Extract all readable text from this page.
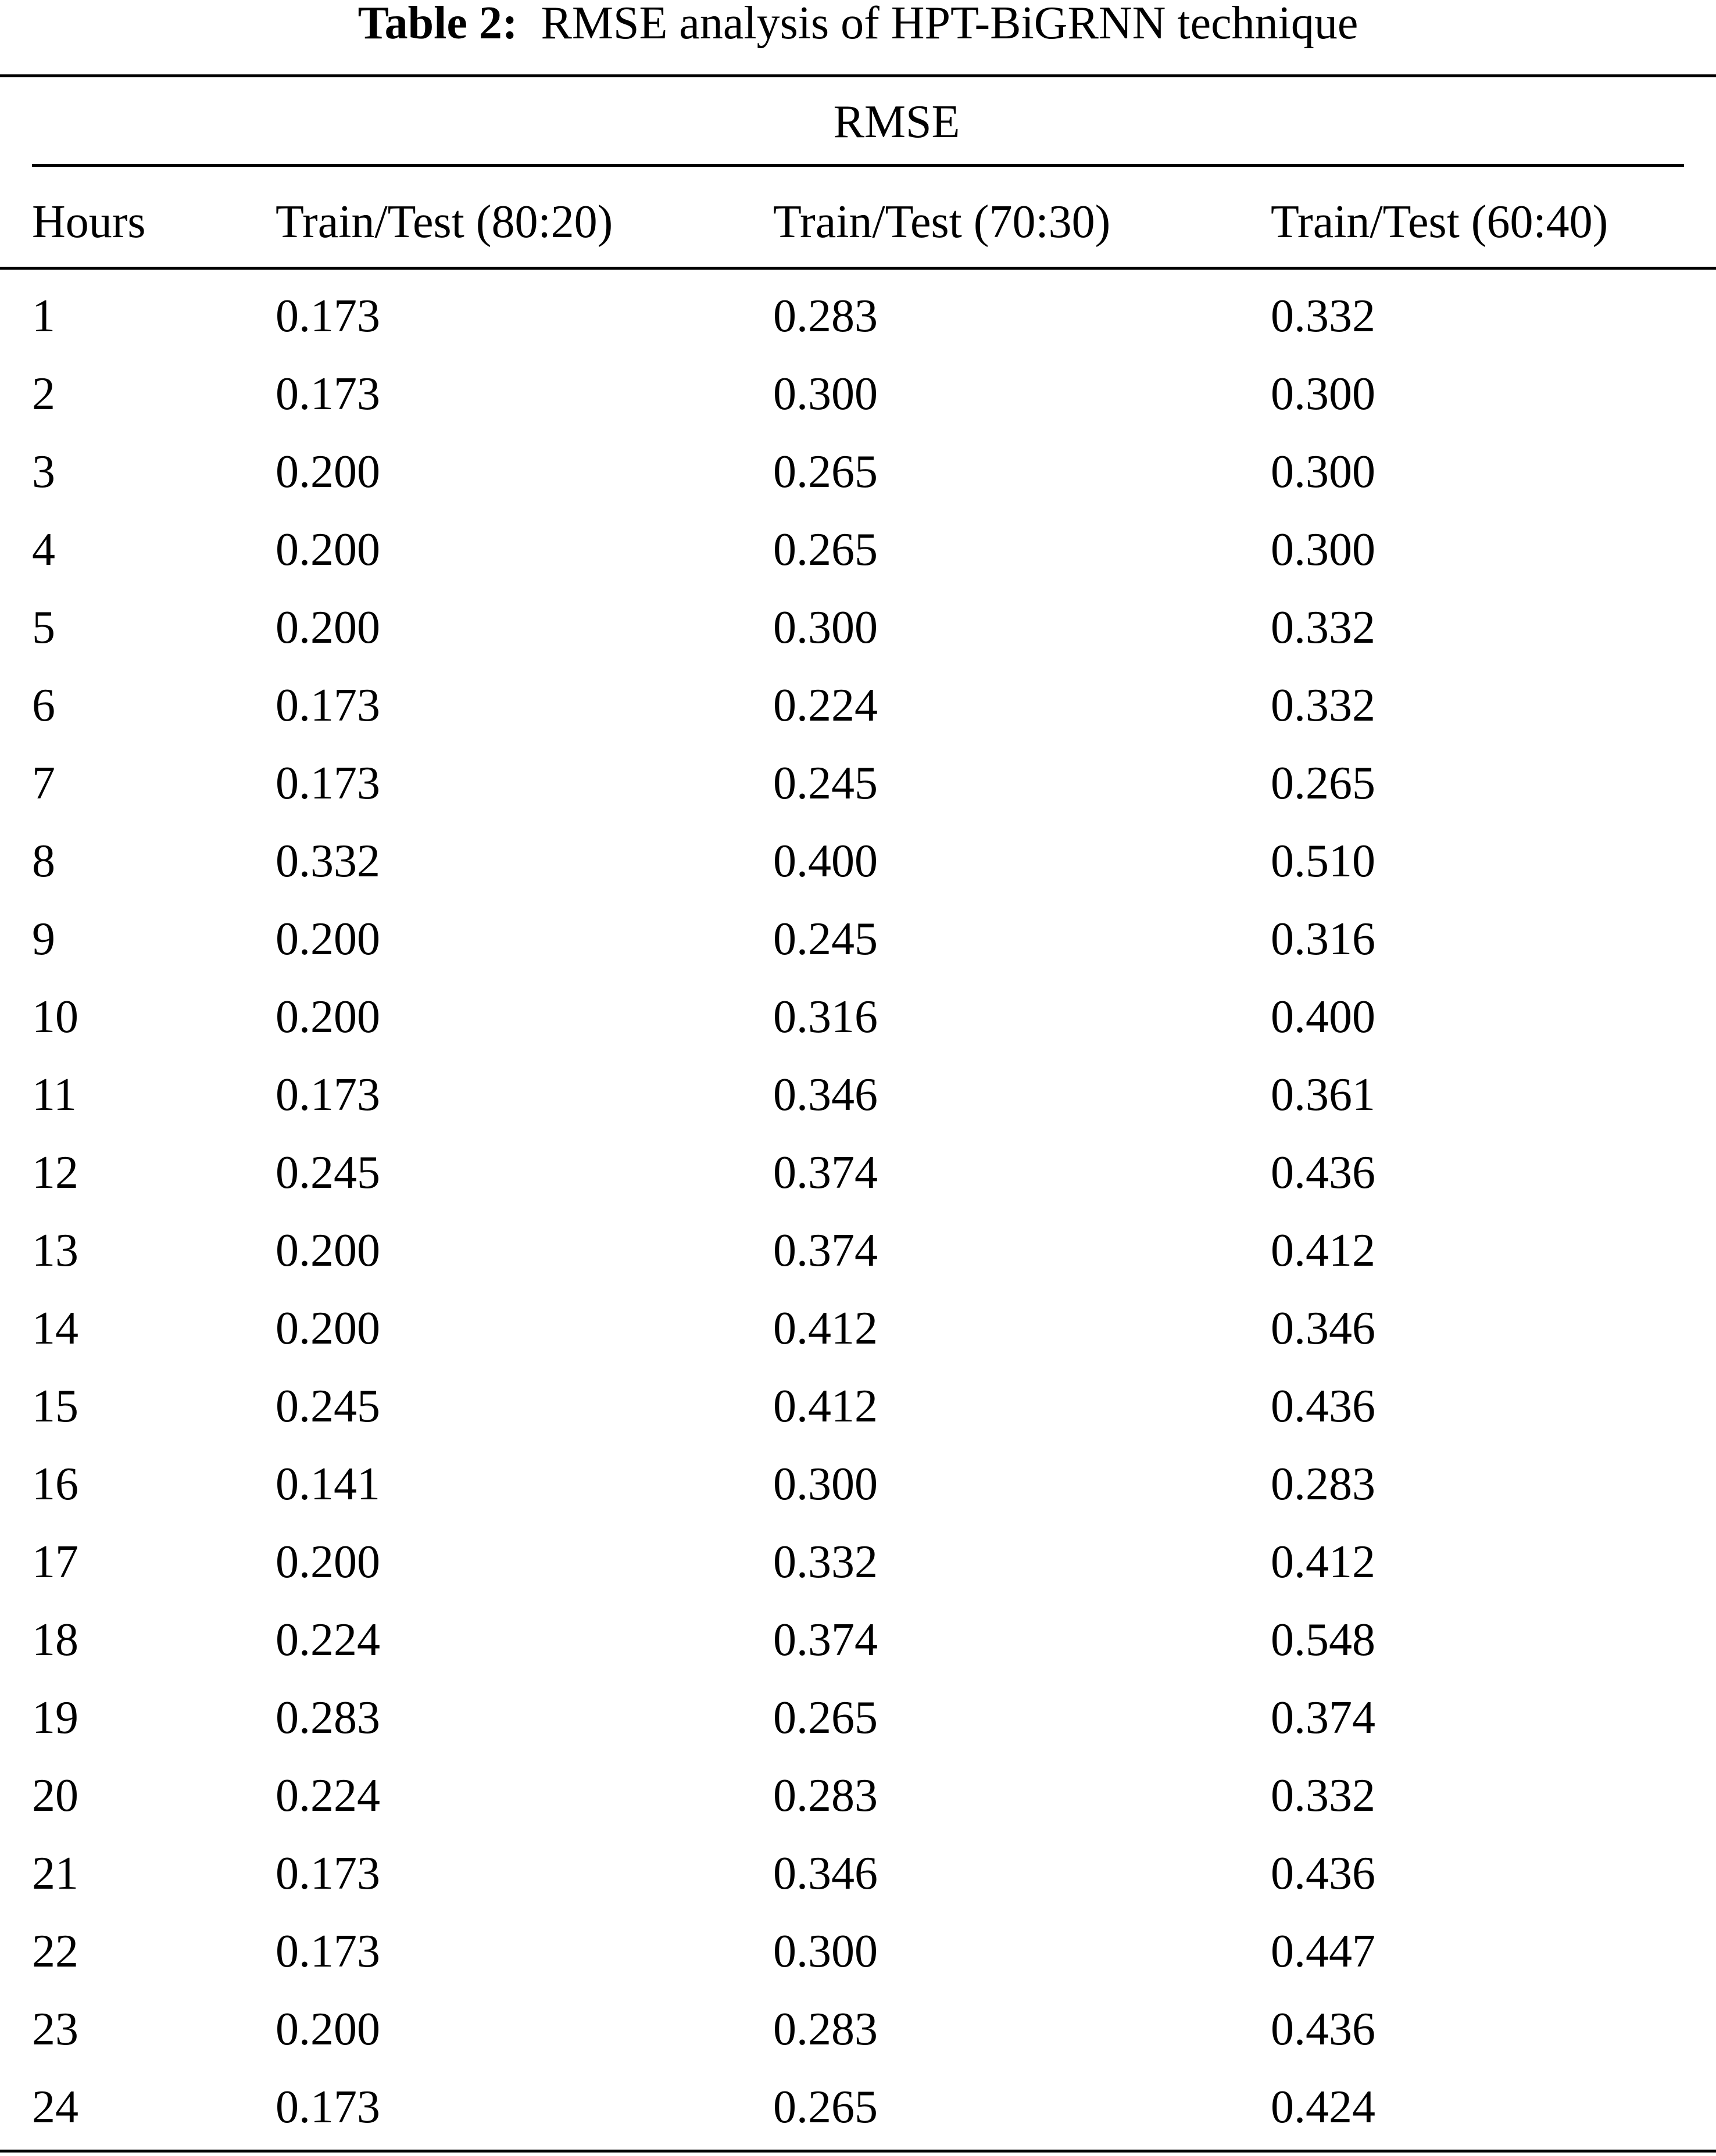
Table 2: RMSE analysis of HPT-BiGRNN technique
RMSE
Hours	Train/Test (80:20)	Train/Test (70:30)	Train/Test (60:40)
1	0.173	0.283	0.332
2	0.173	0.300	0.300
3	0.200	0.265	0.300
4	0.200	0.265	0.300
5	0.200	0.300	0.332
6	0.173	0.224	0.332
7	0.173	0.245	0.265
8	0.332	0.400	0.510
9	0.200	0.245	0.316
10	0.200	0.316	0.400
11	0.173	0.346	0.361
12	0.245	0.374	0.436
13	0.200	0.374	0.412
14	0.200	0.412	0.346
15	0.245	0.412	0.436
16	0.141	0.300	0.283
17	0.200	0.332	0.412
18	0.224	0.374	0.548
19	0.283	0.265	0.374
20	0.224	0.283	0.332
21	0.173	0.346	0.436
22	0.173	0.300	0.447
23	0.200	0.283	0.436
24	0.173	0.265	0.424
